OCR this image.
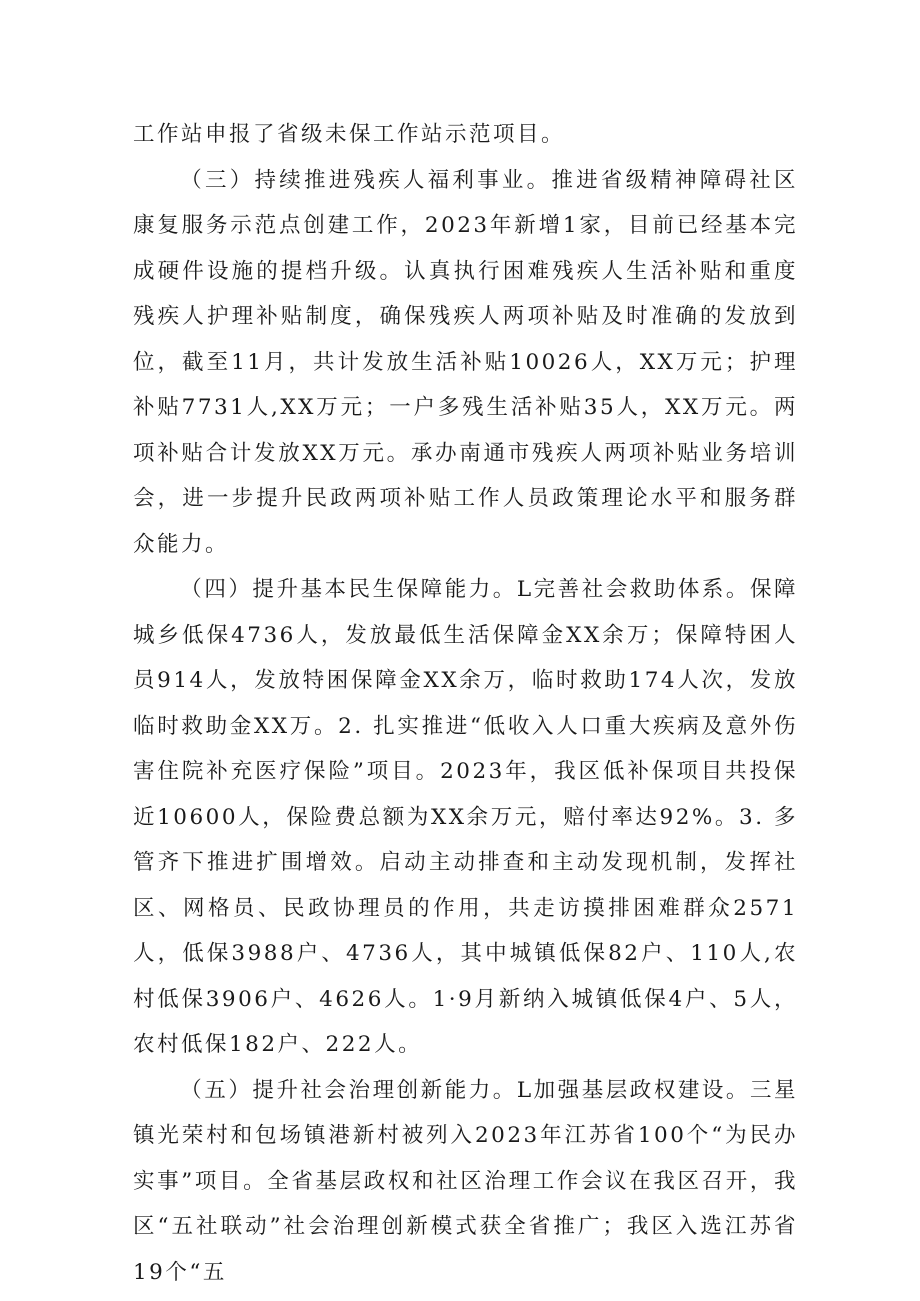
工作站申报了省级未保工作站示范项目。

（三）持续推进残疾人福利事业。推进省级精神障碍社区康复服务示范点创建工作，2023年新增1家，目前已经基本完成硬件设施的提档升级。认真执行困难残疾人生活补贴和重度残疾人护理补贴制度，确保残疾人两项补贴及时准确的发放到位，截至11月，共计发放生活补贴10026人，XX万元；护理补贴7731人,XX万元；一户多残生活补贴35人，XX万元。两项补贴合计发放XX万元。承办南通市残疾人两项补贴业务培训会，进一步提升民政两项补贴工作人员政策理论水平和服务群众能力。

（四）提升基本民生保障能力。L完善社会救助体系。保障城乡低保4736人，发放最低生活保障金XX余万；保障特困人员914人，发放特困保障金XX余万，临时救助174人次，发放临时救助金XX万。2. 扎实推进“低收入人口重大疾病及意外伤害住院补充医疗保险”项目。2023年，我区低补保项目共投保近10600人，保险费总额为XX余万元，赔付率达92%。3. 多管齐下推进扩围增效。启动主动排查和主动发现机制，发挥社区、网格员、民政协理员的作用，共走访摸排困难群众2571人，低保3988户、4736人，其中城镇低保82户、110人,农村低保3906户、4626人。1·9月新纳入城镇低保4户、5人，农村低保182户、222人。

（五）提升社会治理创新能力。L加强基层政权建设。三星镇光荣村和包场镇港新村被列入2023年江苏省100个“为民办实事”项目。全省基层政权和社区治理工作会议在我区召开，我区“五社联动”社会治理创新模式获全省推广；我区入选江苏省19个“五
